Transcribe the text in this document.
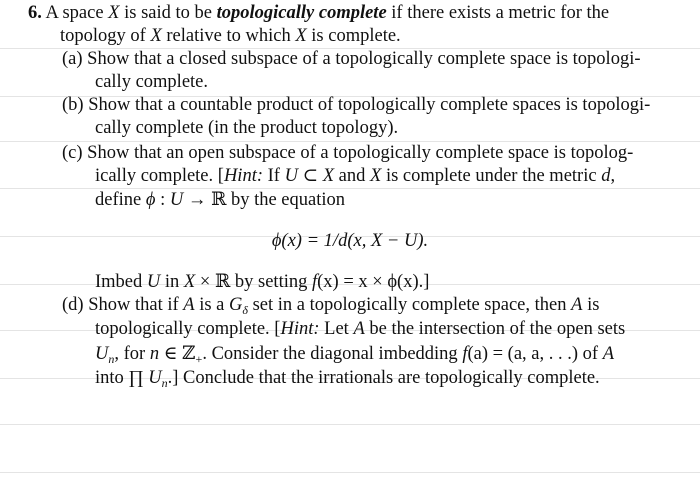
6. A space X is said to be topologically complete if there exists a metric for the
topology of X relative to which X is complete.
(a) Show that a closed subspace of a topologically complete space is topologi-
cally complete.
(b) Show that a countable product of topologically complete spaces is topologi-
cally complete (in the product topology).
(c) Show that an open subspace of a topologically complete space is topolog-
ically complete. [Hint: If U ⊂ X and X is complete under the metric d,
define ϕ : U → ℝ by the equation
ϕ(x) = 1/d(x, X − U).
Imbed U in X × ℝ by setting f(x) = x × ϕ(x).]
(d) Show that if A is a $G_\delta$ set in a topologically complete space, then A is
topologically complete. [Hint: Let A be the intersection of the open sets
$U_n$, for n ∈ ℤ$_+$. Consider the diagonal imbedding f(a) = (a, a, . . .) of A
into ∏ $U_n$.] Conclude that the irrationals are topologically complete.
